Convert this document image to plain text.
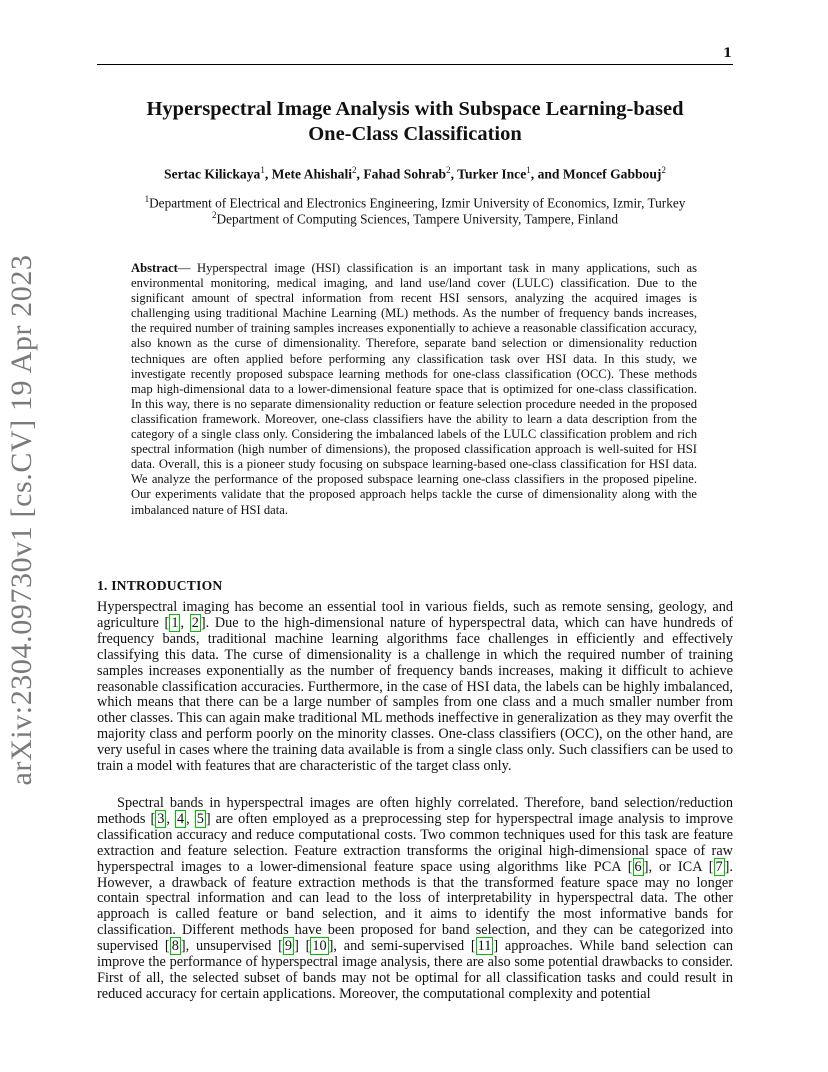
1
arXiv:2304.09730v1 [cs.CV] 19 Apr 2023
Hyperspectral Image Analysis with Subspace Learning-based
One-Class Classification
Sertac Kilickaya$^1$, Mete Ahishali$^2$, Fahad Sohrab$^2$, Turker Ince$^1$, and Moncef Gabbouj$^2$
$^1$Department of Electrical and Electronics Engineering, Izmir University of Economics, Izmir, Turkey
$^2$Department of Computing Sciences, Tampere University, Tampere, Finland
Abstract— Hyperspectral image (HSI) classification is an important task in many applications, such as environmental monitoring, medical imaging, and land use/land cover (LULC) classification. Due to the significant amount of spectral information from recent HSI sensors, analyzing the acquired images is challenging using traditional Machine Learning (ML) methods. As the number of frequency bands increases, the required number of training samples increases exponentially to achieve a reasonable classification accuracy, also known as the curse of dimensionality. Therefore, separate band selection or dimensionality reduction techniques are often applied before performing any classification task over HSI data. In this study, we investigate recently proposed subspace learning methods for one-class classification (OCC). These methods map high-dimensional data to a lower-dimensional feature space that is optimized for one-class classification. In this way, there is no separate dimensionality reduction or feature selection procedure needed in the proposed classification framework. Moreover, one-class classifiers have the ability to learn a data description from the category of a single class only. Considering the imbalanced labels of the LULC classification problem and rich spectral information (high number of dimensions), the proposed classification approach is well-suited for HSI data. Overall, this is a pioneer study focusing on subspace learning-based one-class classification for HSI data. We analyze the performance of the proposed subspace learning one-class classifiers in the proposed pipeline. Our experiments validate that the proposed approach helps tackle the curse of dimensionality along with the imbalanced nature of HSI data.
1. INTRODUCTION
Hyperspectral imaging has become an essential tool in various fields, such as remote sensing, geology, and agriculture [ 1 , 2 ]. Due to the high-dimensional nature of hyperspectral data, which can have hundreds of frequency bands, traditional machine learning algorithms face challenges in efficiently and effectively classifying this data. The curse of dimensionality is a challenge in which the required number of training samples increases exponentially as the number of frequency bands increases, making it difficult to achieve reasonable classification accuracies. Furthermore, in the case of HSI data, the labels can be highly imbalanced, which means that there can be a large number of samples from one class and a much smaller number from other classes. This can again make traditional ML methods ineffective in generalization as they may overfit the majority class and perform poorly on the minority classes. One-class classifiers (OCC), on the other hand, are very useful in cases where the training data available is from a single class only. Such classifiers can be used to train a model with features that are characteristic of the target class only.
Spectral bands in hyperspectral images are often highly correlated. Therefore, band selection/reduction methods [ 3 , 4 , 5 ] are often employed as a preprocessing step for hyperspectral image analysis to improve classification accuracy and reduce computational costs. Two common techniques used for this task are feature extraction and feature selection. Feature extraction transforms the original high-dimensional space of raw hyperspectral images to a lower-dimensional feature space using algorithms like PCA [ 6 ], or ICA [ 7 ]. However, a drawback of feature extraction methods is that the transformed feature space may no longer contain spectral information and can lead to the loss of interpretability in hyperspectral data. The other approach is called feature or band selection, and it aims to identify the most informative bands for classification. Different methods have been proposed for band selection, and they can be categorized into supervised [ 8 ], unsupervised [ 9 ] [ 10 ], and semi-supervised [ 11 ] approaches. While band selection can improve the performance of hyperspectral image analysis, there are also some potential drawbacks to consider. First of all, the selected subset of bands may not be optimal for all classification tasks and could result in reduced accuracy for certain applications. Moreover, the computational complexity and potential
